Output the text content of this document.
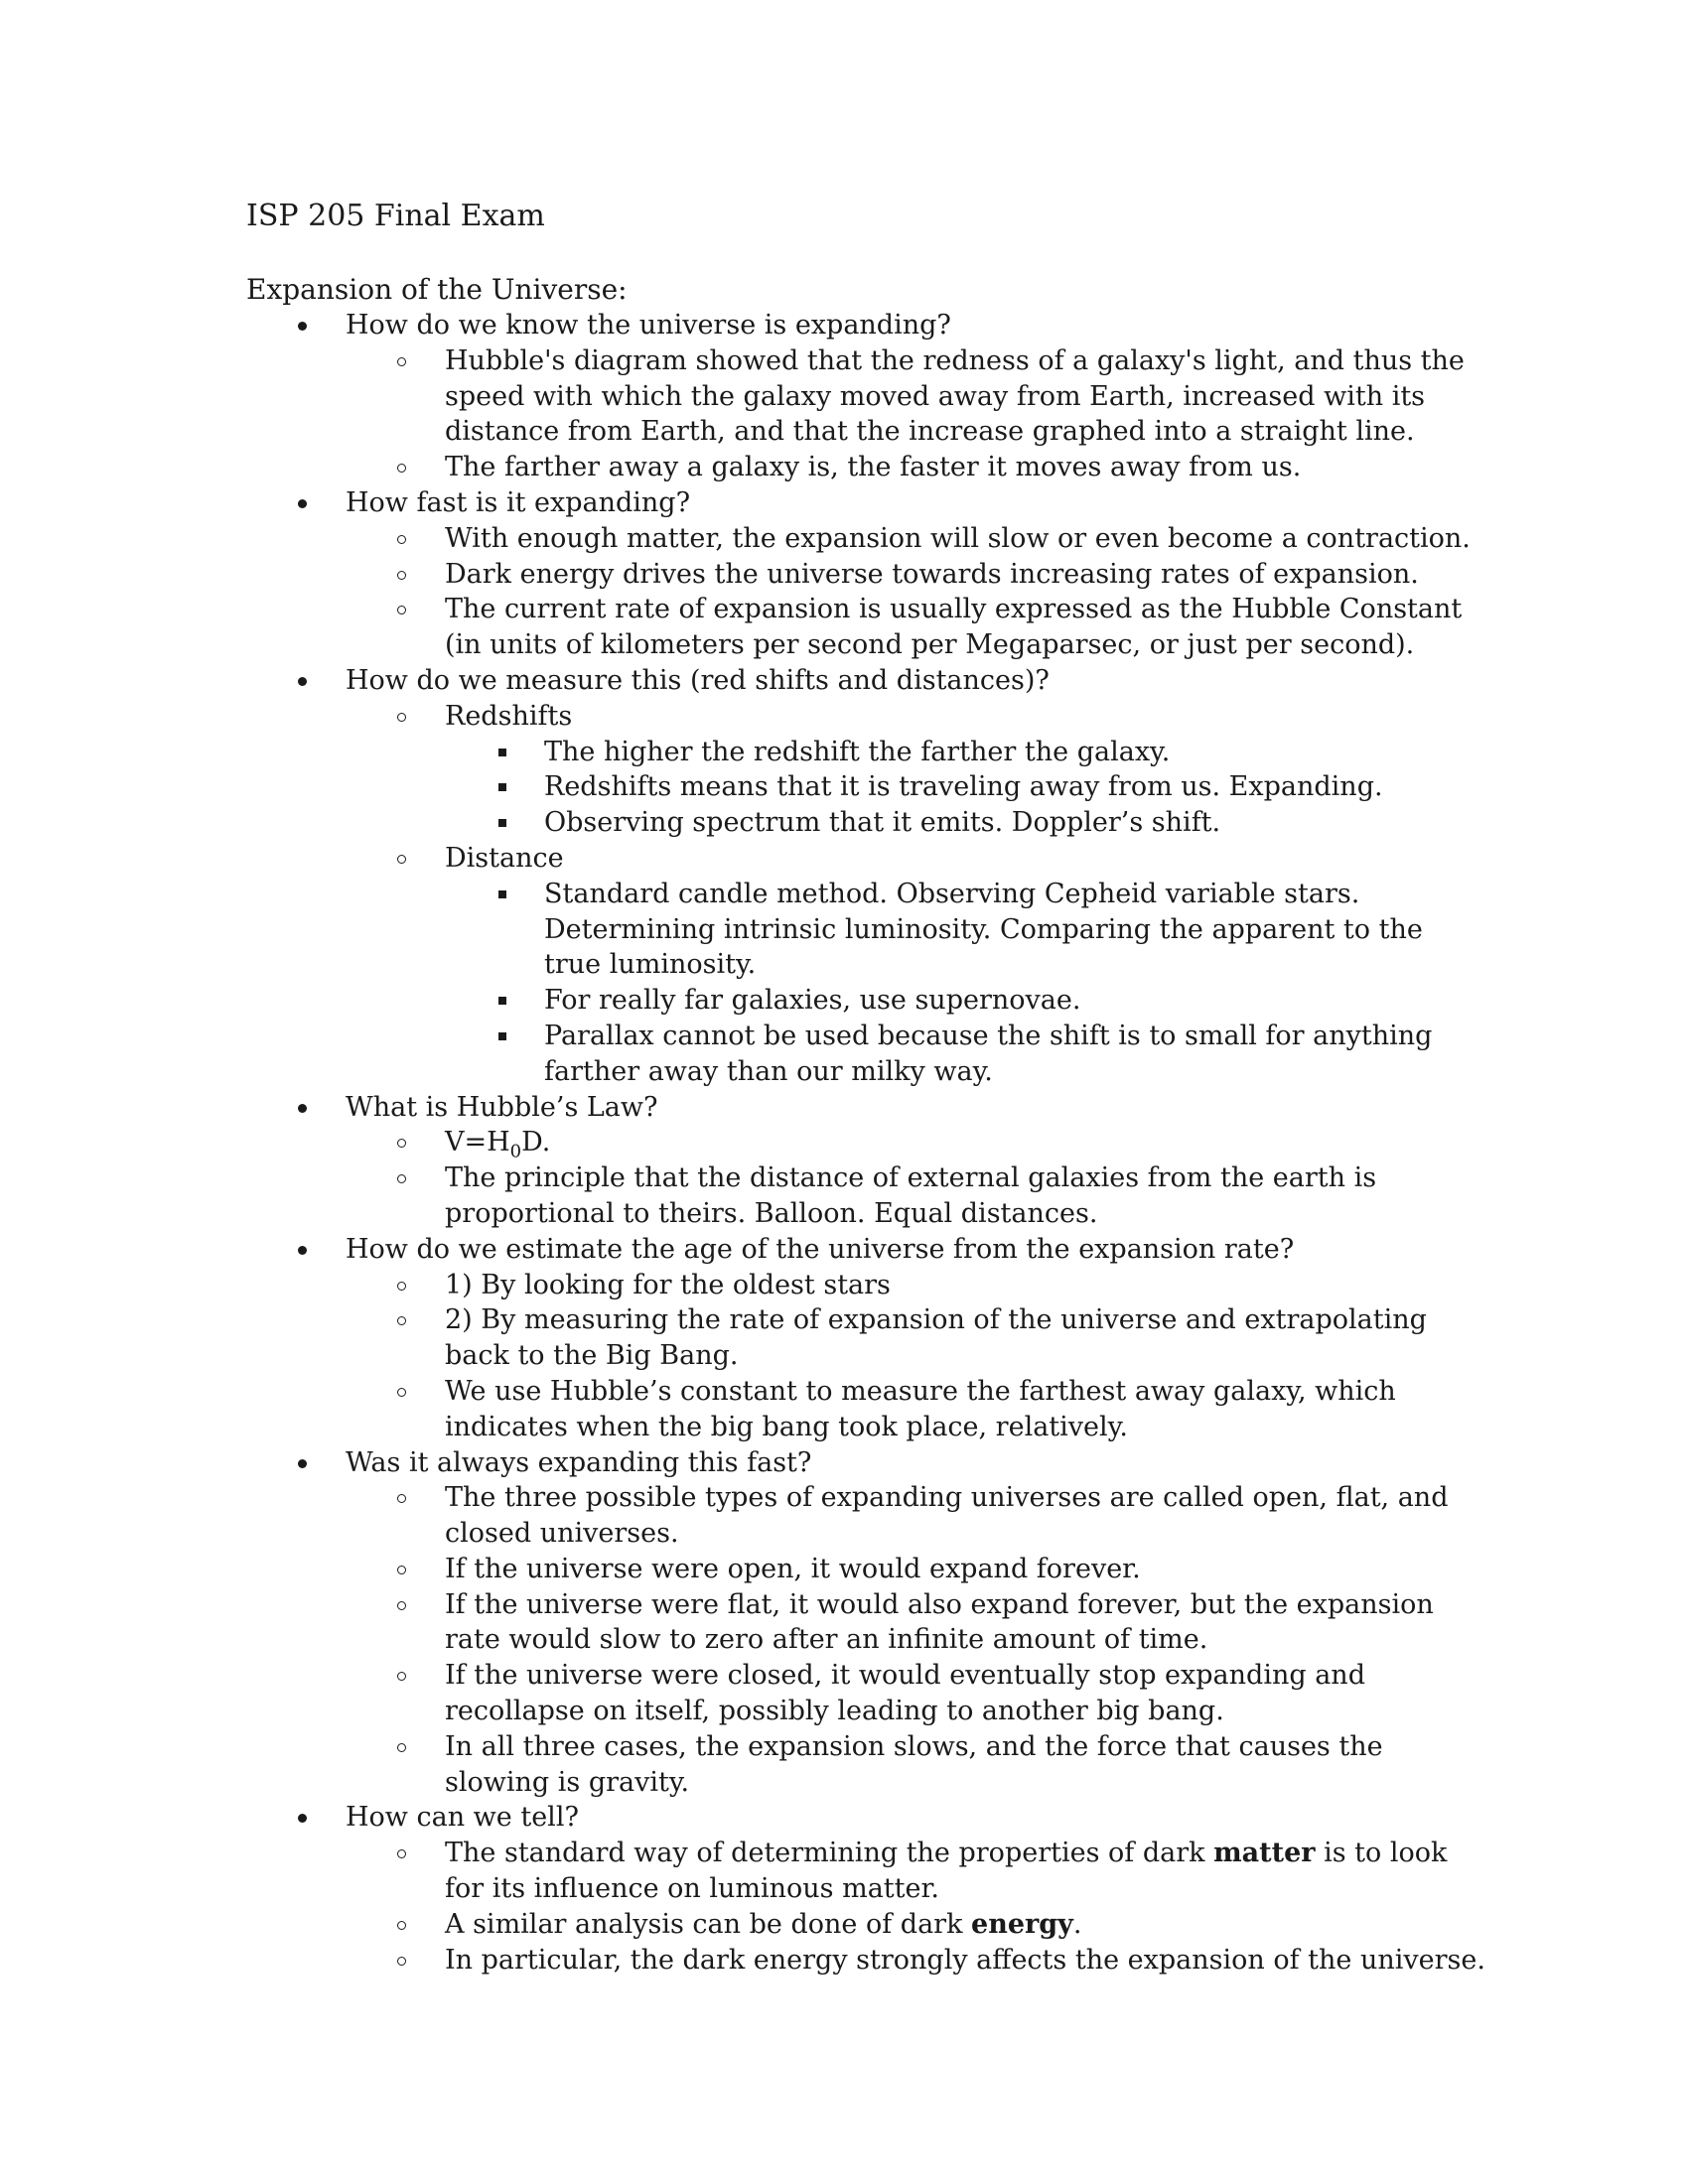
ISP 205 Final Exam
Expansion of the Universe:
How do we know the universe is expanding?
Hubble's diagram showed that the redness of a galaxy's light, and thus the speed with which the galaxy moved away from Earth, increased with its distance from Earth, and that the increase graphed into a straight line.
The farther away a galaxy is, the faster it moves away from us.
How fast is it expanding?
With enough matter, the expansion will slow or even become a contraction.
Dark energy drives the universe towards increasing rates of expansion.
The current rate of expansion is usually expressed as the Hubble Constant (in units of kilometers per second per Megaparsec, or just per second).
How do we measure this (red shifts and distances)?
Redshifts
The higher the redshift the farther the galaxy.
Redshifts means that it is traveling away from us. Expanding.
Observing spectrum that it emits. Doppler’s shift.
Distance
Standard candle method. Observing Cepheid variable stars. Determining intrinsic luminosity. Comparing the apparent to the true luminosity.
For really far galaxies, use supernovae.
Parallax cannot be used because the shift is to small for anything farther away than our milky way.
What is Hubble’s Law?
$V=H_0D$.
The principle that the distance of external galaxies from the earth is proportional to theirs. Balloon. Equal distances.
How do we estimate the age of the universe from the expansion rate?
1) By looking for the oldest stars
2) By measuring the rate of expansion of the universe and extrapolating back to the Big Bang.
We use Hubble’s constant to measure the farthest away galaxy, which indicates when the big bang took place, relatively.
Was it always expanding this fast?
The three possible types of expanding universes are called open, flat, and closed universes.
If the universe were open, it would expand forever.
If the universe were flat, it would also expand forever, but the expansion rate would slow to zero after an infinite amount of time.
If the universe were closed, it would eventually stop expanding and recollapse on itself, possibly leading to another big bang.
In all three cases, the expansion slows, and the force that causes the slowing is gravity.
How can we tell?
The standard way of determining the properties of dark matter is to look for its influence on luminous matter.
A similar analysis can be done of dark energy.
In particular, the dark energy strongly affects the expansion of the universe.
